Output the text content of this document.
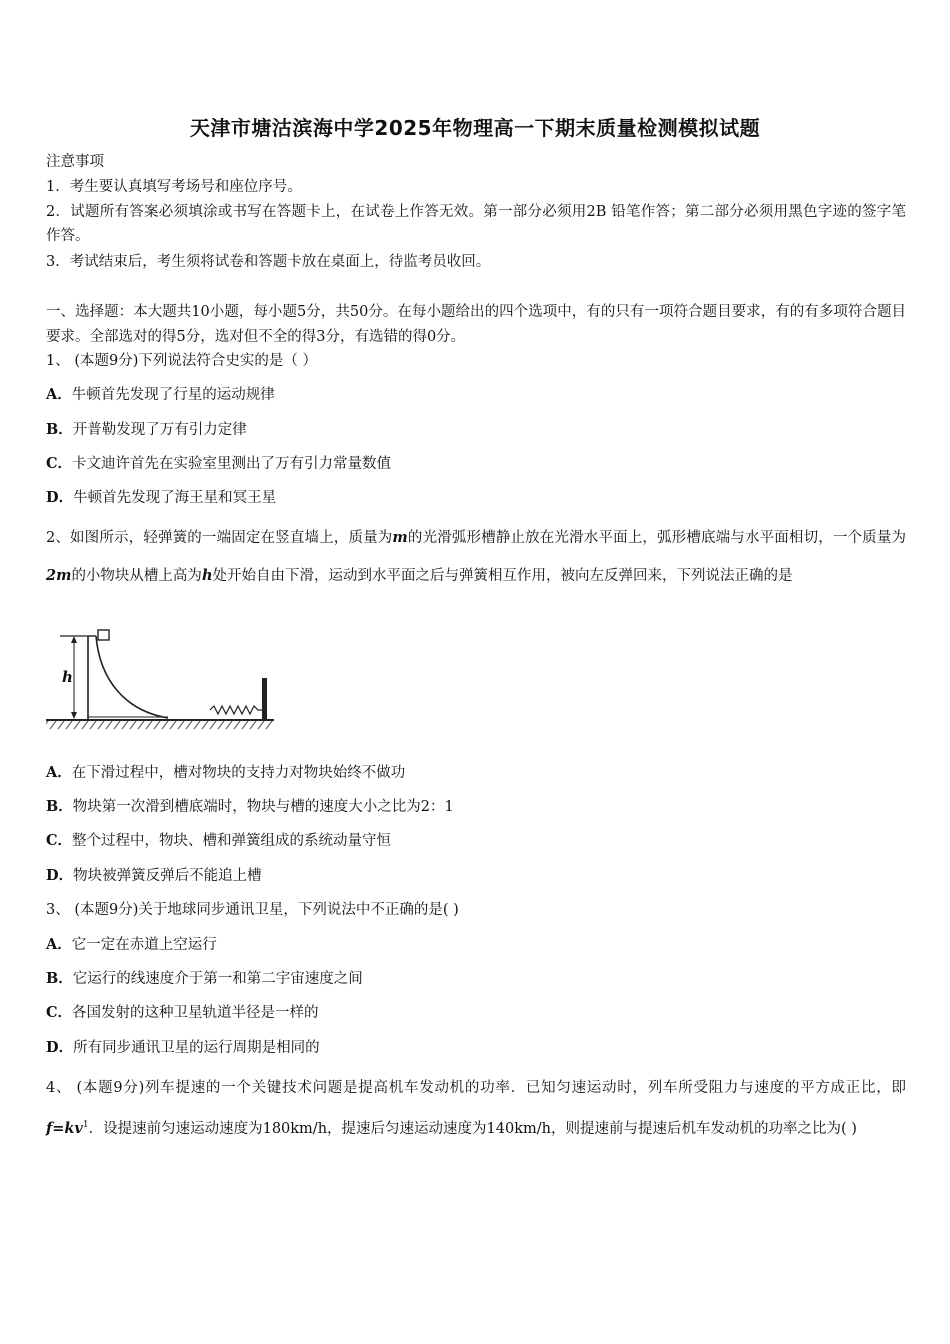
天津市塘沽滨海中学2025年物理高一下期末质量检测模拟试题
注意事项
1．考生要认真填写考场号和座位序号。
2．试题所有答案必须填涂或书写在答题卡上，在试卷上作答无效。第一部分必须用2B 铅笔作答；第二部分必须用黑色字迹的签字笔作答。
3．考试结束后，考生须将试卷和答题卡放在桌面上，待监考员收回。
一、选择题：本大题共10小题，每小题5分，共50分。在每小题给出的四个选项中，有的只有一项符合题目要求，有的有多项符合题目要求。全部选对的得5分，选对但不全的得3分，有选错的得0分。
1、 (本题9分)下列说法符合史实的是（ ）
A．牛顿首先发现了行星的运动规律
B．开普勒发现了万有引力定律
C．卡文迪许首先在实验室里测出了万有引力常量数值
D．牛顿首先发现了海王星和冥王星
2、如图所示，轻弹簧的一端固定在竖直墙上，质量为m的光滑弧形槽静止放在光滑水平面上，弧形槽底端与水平面相切，一个质量为2m的小物块从槽上高为h处开始自由下滑，运动到水平面之后与弹簧相互作用，被向左反弹回来，下列说法正确的是
h
A．在下滑过程中，槽对物块的支持力对物块始终不做功
B．物块第一次滑到槽底端时，物块与槽的速度大小之比为2：1
C．整个过程中，物块、槽和弹簧组成的系统动量守恒
D．物块被弹簧反弹后不能追上槽
3、 (本题9分)关于地球同步通讯卫星，下列说法中不正确的是( )
A．它一定在赤道上空运行
B．它运行的线速度介于第一和第二宇宙速度之间
C．各国发射的这种卫星轨道半径是一样的
D．所有同步通讯卫星的运行周期是相同的
4、 (本题9分)列车提速的一个关键技术问题是提高机车发动机的功率．已知匀速运动时，列车所受阻力与速度的平方成正比，即$f=kv^1$．设提速前匀速运动速度为180km/h，提速后匀速运动速度为140km/h，则提速前与提速后机车发动机的功率之比为( )
